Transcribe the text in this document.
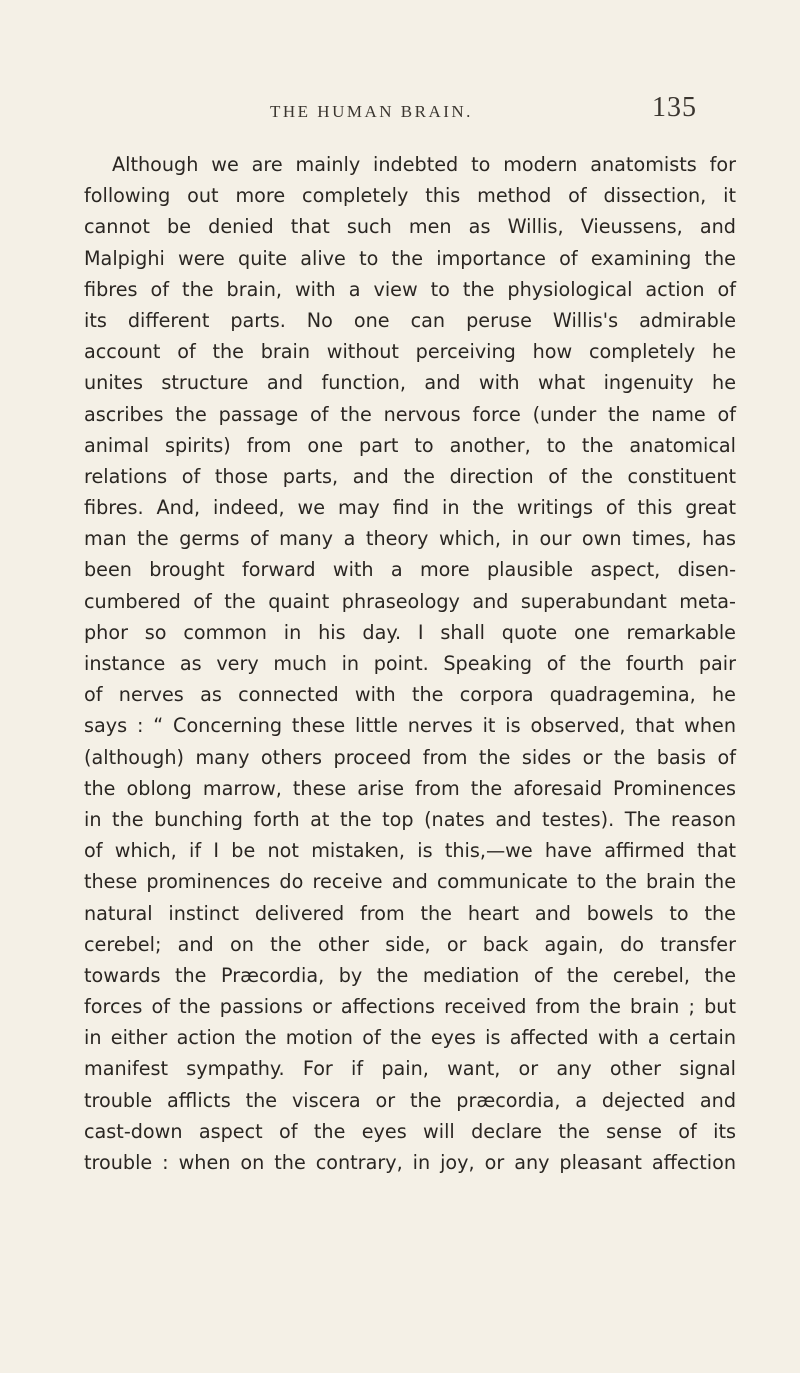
THE HUMAN BRAIN.	135
Although we are mainly indebted to modern anatomists for
following out more completely this method of dissection, it
cannot be denied that such men as Willis, Vieussens, and
Malpighi were quite alive to the importance of examining the
fibres of the brain, with a view to the physiological action of
its different parts. No one can peruse Willis's admirable
account of the brain without perceiving how completely he
unites structure and function, and with what ingenuity he
ascribes the passage of the nervous force (under the name of
animal spirits) from one part to another, to the anatomical
relations of those parts, and the direction of the constituent
fibres. And, indeed, we may find in the writings of this great
man the germs of many a theory which, in our own times, has
been brought forward with a more plausible aspect, disen-
cumbered of the quaint phraseology and superabundant meta-
phor so common in his day. I shall quote one remarkable
instance as very much in point. Speaking of the fourth pair
of nerves as connected with the corpora quadragemina, he
says : “ Concerning these little nerves it is observed, that when
(although) many others proceed from the sides or the basis of
the oblong marrow, these arise from the aforesaid Prominences
in the bunching forth at the top (nates and testes). The reason
of which, if I be not mistaken, is this,—we have affirmed that
these prominences do receive and communicate to the brain the
natural instinct delivered from the heart and bowels to the
cerebel; and on the other side, or back again, do transfer
towards the Præcordia, by the mediation of the cerebel, the
forces of the passions or affections received from the brain ; but
in either action the motion of the eyes is affected with a certain
manifest sympathy. For if pain, want, or any other signal
trouble afflicts the viscera or the præcordia, a dejected and
cast-down aspect of the eyes will declare the sense of its
trouble : when on the contrary, in joy, or any pleasant affection
